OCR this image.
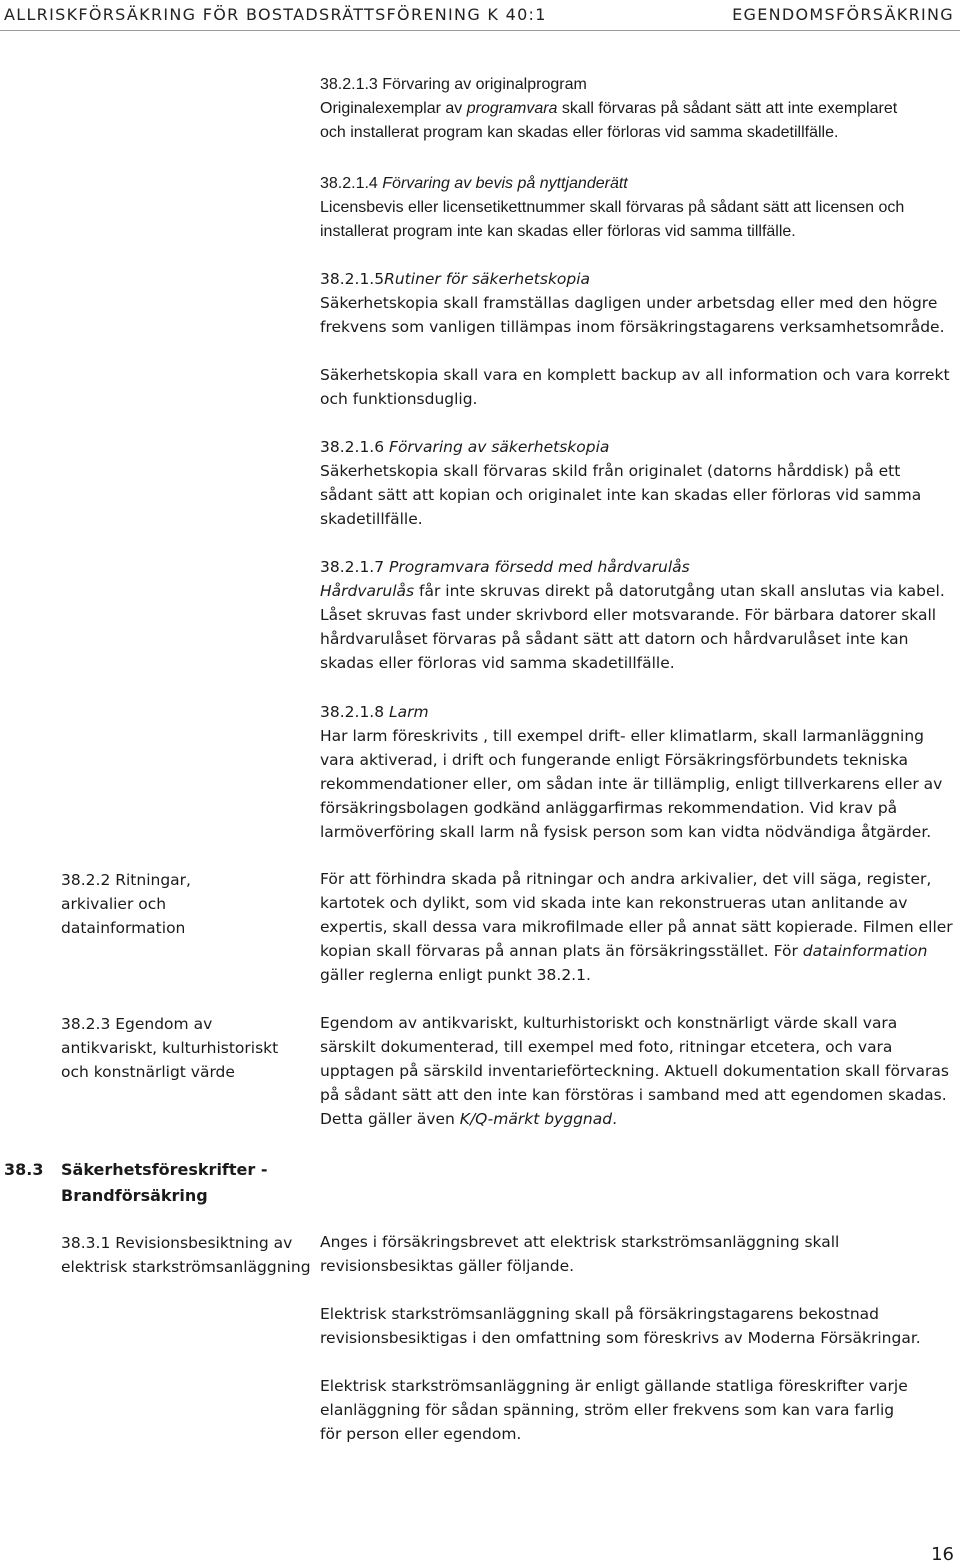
ALLRISKFÖRSÄKRING FÖR BOSTADSRÄTTSFÖRENING K 40:1	EGENDOMSFÖRSÄKRING

38.2.1.3 Förvaring av originalprogram

Originalexemplar av programvara skall förvaras på sådant sätt att inte exemplaret

och installerat program kan skadas eller förloras vid samma skadetillfälle.

38.2.1.4 Förvaring av bevis på nyttjanderätt

Licensbevis eller licensetikettnummer skall förvaras på sådant sätt att licensen och installerat program inte kan skadas eller förloras vid samma tillfälle.

38.2.1.5Rutiner för säkerhetskopia

Säkerhetskopia skall framställas dagligen under arbetsdag eller med den högre frekvens som vanligen tillämpas inom försäkringstagarens verksamhetsområde.

Säkerhetskopia skall vara en komplett backup av all information och vara korrekt och funktionsduglig.

38.2.1.6 Förvaring av säkerhetskopia

Säkerhetskopia skall förvaras skild från originalet (datorns hårddisk) på ett sådant sätt att kopian och originalet inte kan skadas eller förloras vid samma skadetillfälle.

38.2.1.7 Programvara försedd med hårdvarulås

Hårdvarulås får inte skruvas direkt på datorutgång utan skall anslutas via kabel. Låset skruvas fast under skrivbord eller motsvarande. För bärbara datorer skall hårdvarulåset förvaras på sådant sätt att datorn och hårdvarulåset inte kan skadas eller förloras vid samma skadetillfälle.

38.2.1.8 Larm

Har larm föreskrivits , till exempel drift- eller klimatlarm, skall larmanläggning vara aktiverad, i drift och fungerande enligt Försäkringsförbundets tekniska rekommendationer eller, om sådan inte är tillämplig, enligt tillverkarens eller av försäkringsbolagen godkänd anläggarfirmas rekommendation. Vid krav på larmöverföring skall larm nå fysisk person som kan vidta nödvändiga åtgärder.

38.2.2 Ritningar, arkivalier och datainformation

För att förhindra skada på ritningar och andra arkivalier, det vill säga, register, kartotek och dylikt, som vid skada inte kan rekonstrueras utan anlitande av expertis, skall dessa vara mikrofilmade eller på annat sätt kopierade. Filmen eller kopian skall förvaras på annan plats än försäkringsstället. För datainformation gäller reglerna enligt punkt 38.2.1.

38.2.3 Egendom av antikvariskt, kulturhistoriskt och konstnärligt värde

Egendom av antikvariskt, kulturhistoriskt och konstnärligt värde skall vara särskilt dokumenterad, till exempel med foto, ritningar etcetera, och vara upptagen på särskild inventarieförteckning. Aktuell dokumentation skall förvaras på sådant sätt att den inte kan förstöras i samband med att egendomen skadas. Detta gäller även K/Q-märkt byggnad.

38.3 Säkerhetsföreskrifter - Brandförsäkring
38.3.1 Revisionsbesiktning av elektrisk starkströmsanläggning
Anges i försäkringsbrevet att elektrisk starkströmsanläggning skall revisionsbesiktas gäller följande.
Elektrisk starkströmsanläggning skall på försäkringstagarens bekostnad revisionsbesiktigas i den omfattning som föreskrivs av Moderna Försäkringar.
Elektrisk starkströmsanläggning är enligt gällande statliga föreskrifter varje elanläggning för sådan spänning, ström eller frekvens som kan vara farlig för person eller egendom.
16
